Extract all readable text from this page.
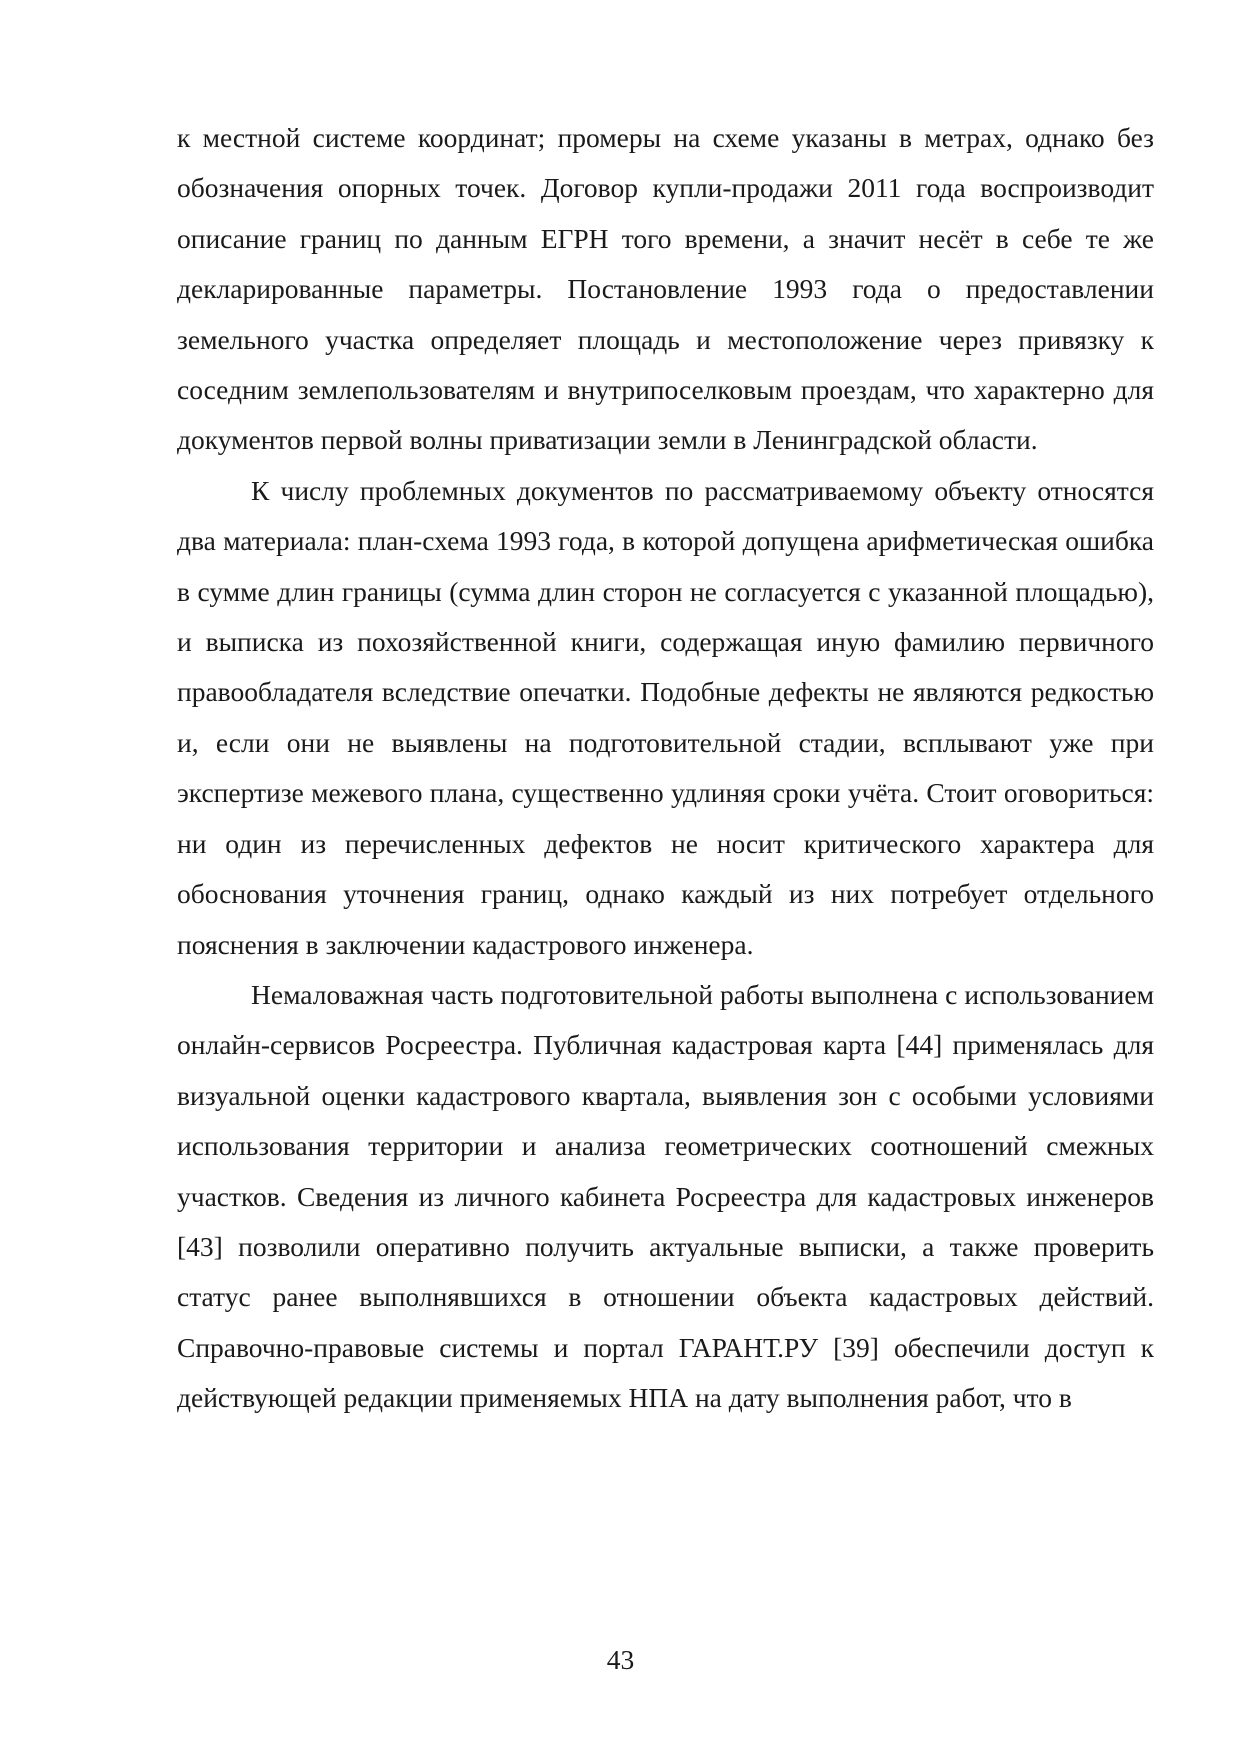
к местной системе координат; промеры на схеме указаны в метрах, однако без обозначения опорных точек. Договор купли-продажи 2011 года воспроизводит описание границ по данным ЕГРН того времени, а значит несёт в себе те же декларированные параметры. Постановление 1993 года о предоставлении земельного участка определяет площадь и местоположение через привязку к соседним землепользователям и внутрипоселковым проездам, что характерно для документов первой волны приватизации земли в Ленинградской области.

К числу проблемных документов по рассматриваемому объекту относятся два материала: план-схема 1993 года, в которой допущена арифметическая ошибка в сумме длин границы (сумма длин сторон не согласуется с указанной площадью), и выписка из похозяйственной книги, содержащая иную фамилию первичного правообладателя вследствие опечатки. Подобные дефекты не являются редкостью и, если они не выявлены на подготовительной стадии, всплывают уже при экспертизе межевого плана, существенно удлиняя сроки учёта. Стоит оговориться: ни один из перечисленных дефектов не носит критического характера для обоснования уточнения границ, однако каждый из них потребует отдельного пояснения в заключении кадастрового инженера.

Немаловажная часть подготовительной работы выполнена с использованием онлайн-сервисов Росреестра. Публичная кадастровая карта [44] применялась для визуальной оценки кадастрового квартала, выявления зон с особыми условиями использования территории и анализа геометрических соотношений смежных участков. Сведения из личного кабинета Росреестра для кадастровых инженеров [43] позволили оперативно получить актуальные выписки, а также проверить статус ранее выполнявшихся в отношении объекта кадастровых действий. Справочно-правовые системы и портал ГАРАНТ.РУ [39] обеспечили доступ к действующей редакции применяемых НПА на дату выполнения работ, что в

43
